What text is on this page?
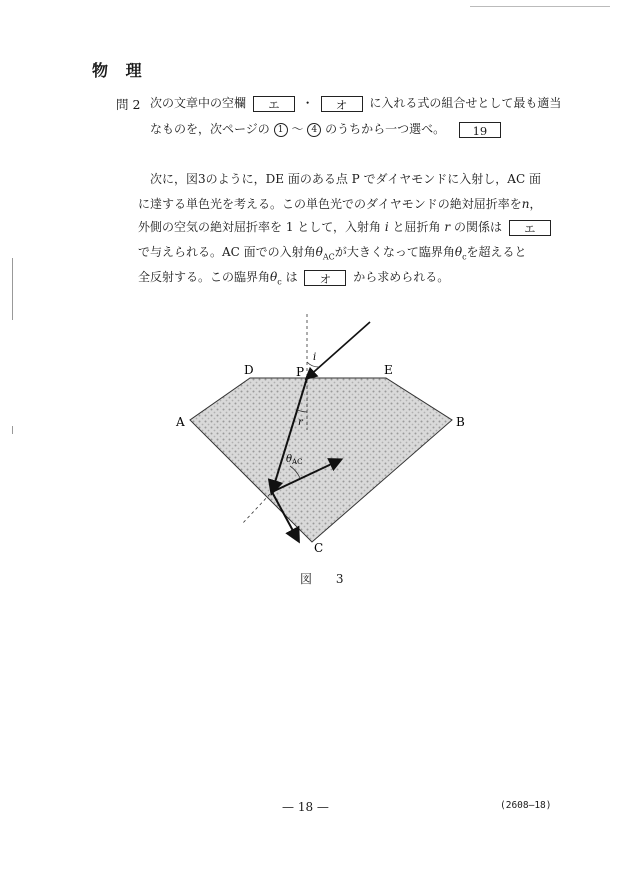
物 理
問 2 次の文章中の空欄 エ ・ オ に入れる式の組合せとして最も適当
なものを，次ページの 1 ～ 4 のうちから一つ選べ。 19
次に，図3のように，DE 面のある点 P でダイヤモンドに入射し，AC 面
に達する単色光を考える。この単色光でのダイヤモンドの絶対屈折率をn，
外側の空気の絶対屈折率を 1 として，入射角 i と屈折角 r の関係は エ
で与えられる。AC 面での入射角$\theta_{AC}$が大きくなって臨界角$\theta_c$を超えると
全反射する。この臨界角$\theta_c$ は オ から求められる。
A	B
C
D	E
P
i
r
$\theta_{AC}$
図 3
— 18 —	(2608—18)
